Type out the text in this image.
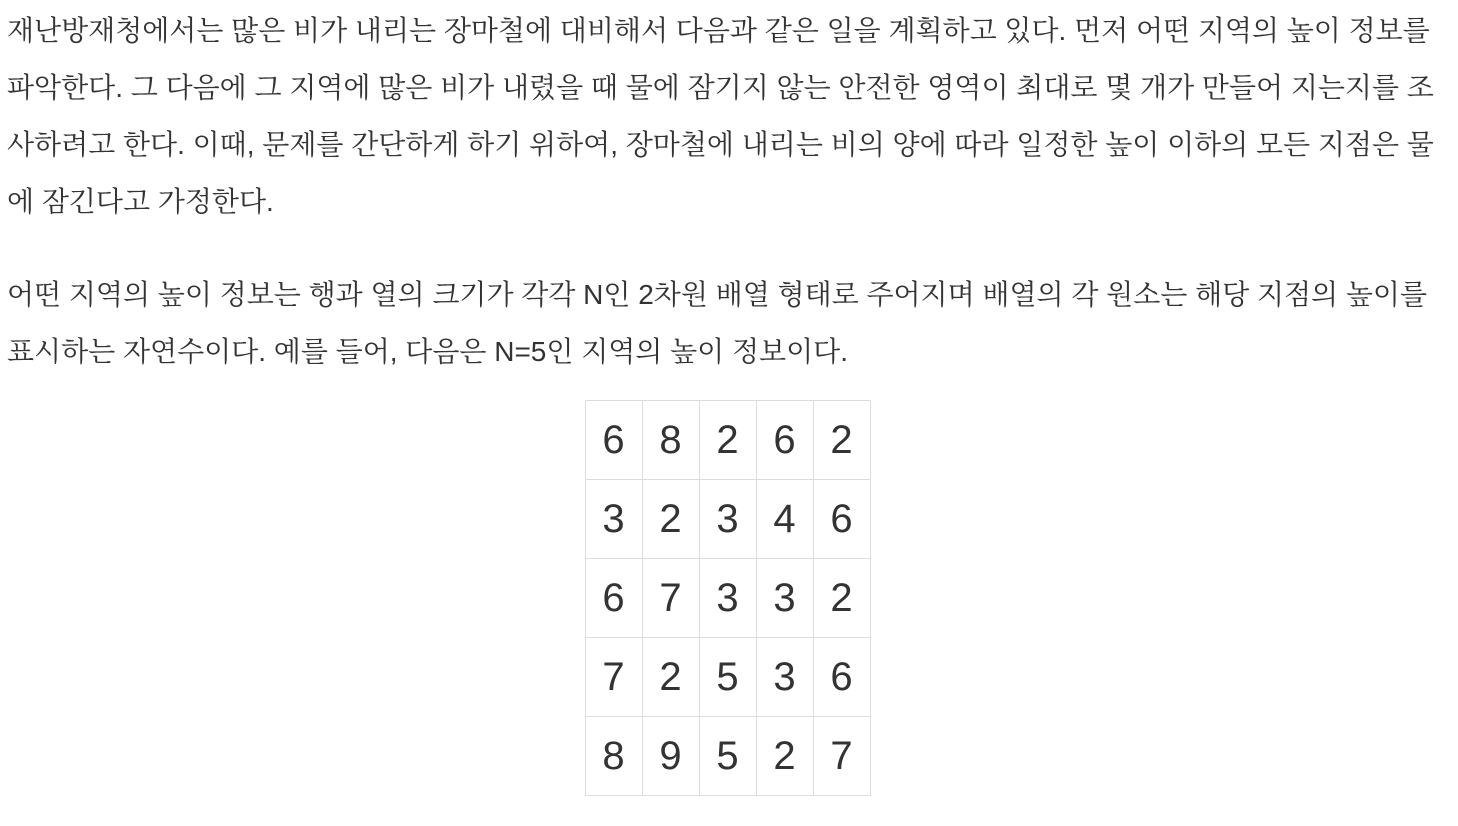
재난방재청에서는 많은 비가 내리는 장마철에 대비해서 다음과 같은 일을 계획하고 있다. 먼저 어떤 지역의 높이 정보를 파악한다. 그 다음에 그 지역에 많은 비가 내렸을 때 물에 잠기지 않는 안전한 영역이 최대로 몇 개가 만들어 지는지를 조사하려고 한다. 이때, 문제를 간단하게 하기 위하여, 장마철에 내리는 비의 양에 따라 일정한 높이 이하의 모든 지점은 물에 잠긴다고 가정한다.

어떤 지역의 높이 정보는 행과 열의 크기가 각각 N인 2차원 배열 형태로 주어지며 배열의 각 원소는 해당 지점의 높이를 표시하는 자연수이다. 예를 들어, 다음은 N=5인 지역의 높이 정보이다.

6	8	2	6	2
3	2	3	4	6
6	7	3	3	2
7	2	5	3	6
8	9	5	2	7
